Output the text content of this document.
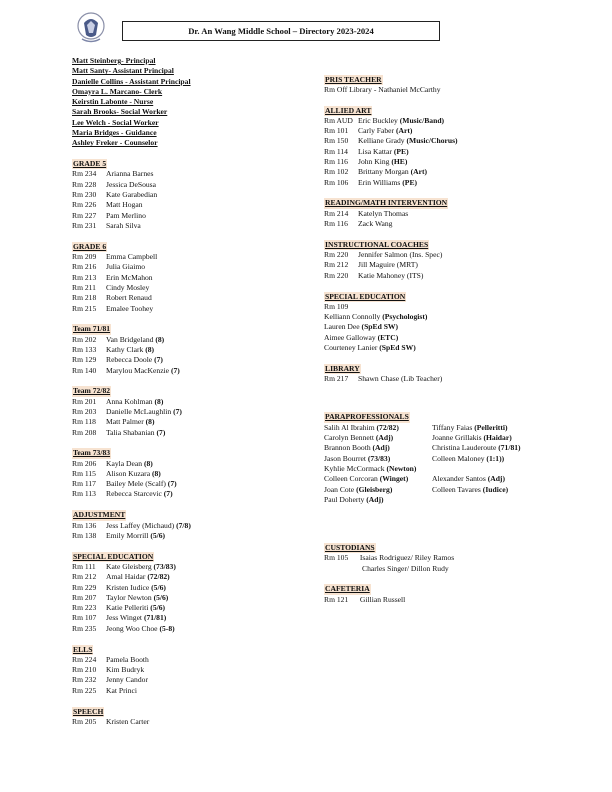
Dr. An Wang Middle School – Directory 2023-2024
Matt Steinberg- Principal
Matt Santy- Assistant Principal
Danielle Collins - Assistant Principal
Omayra L. Marcano- Clerk
Keirstin Labonte - Nurse
Sarah Brooks- Social Worker
Lee Welch - Social Worker
Maria Bridges - Guidance
Ashley Freker - Counselor
GRADE 5
Rm 234 Arianna Barnes
Rm 228 Jessica DeSousa
Rm 230 Kate Garabedian
Rm 226 Matt Hogan
Rm 227 Pam Merlino
Rm 231 Sarah Silva
GRADE 6
Rm 209 Emma Campbell
Rm 216 Julia Giaimo
Rm 213 Erin McMahon
Rm 211 Cindy Mosley
Rm 218 Robert Renaud
Rm 215 Emalee Toohey
Team 71/81
Rm 202 Van Bridgeland (8)
Rm 133 Kathy Clark (8)
Rm 129 Rebecca Doole (7)
Rm 140 Marylou MacKenzie (7)
Team 72/82
Rm 201 Anna Kohlman (8)
Rm 203 Danielle McLaughlin (7)
Rm 118 Matt Palmer (8)
Rm 208 Talia Shabanian (7)
Team 73/83
Rm 206 Kayla Dean (8)
Rm 115 Alison Kuzara (8)
Rm 117 Bailey Mele (Scalf) (7)
Rm 113 Rebecca Starcevic (7)
ADJUSTMENT
Rm 136 Jess Laffey (Michaud) (7/8)
Rm 138 Emily Morrill (5/6)
SPECIAL EDUCATION
Rm 111 Kate Gleisberg (73/83)
Rm 212 Amal Haidar (72/82)
Rm 229 Kristen Iudice (5/6)
Rm 207 Taylor Newton (5/6)
Rm 223 Katie Pelleriti (5/6)
Rm 107 Jess Winget (71/81)
Rm 235 Jeong Woo Choe (5-8)
ELLS
Rm 224 Pamela Booth
Rm 210 Kim Budryk
Rm 232 Jenny Candor
Rm 225 Kat Princi
SPEECH
Rm 205 Kristen Carter
PRIS TEACHER
Rm Off Library - Nathaniel McCarthy
ALLIED ART
Rm AUD Eric Buckley (Music/Band)
Rm 101 Carly Faber (Art)
Rm 150 Kelliane Grady (Music/Chorus)
Rm 114 Lisa Kattar (PE)
Rm 116 John King (HE)
Rm 102 Brittany Morgan (Art)
Rm 106 Erin Williams (PE)
READING/MATH INTERVENTION
Rm 214 Katelyn Thomas
Rm 116 Zack Wang
INSTRUCTIONAL COACHES
Rm 220 Jennifer Salmon (Ins. Spec)
Rm 212 Jill Maguire (MRT)
Rm 220 Katie Mahoney (ITS)
SPECIAL EDUCATION
Rm 109
Kelliann Connolly (Psychologist)
Lauren Dee (SpEd SW)
Aimee Galloway (ETC)
Courteney Lanier (SpEd SW)
LIBRARY
Rm 217 Shawn Chase (Lib Teacher)
PARAPROFESSIONALS
Salih Al Ibrahim (72/82)	Tiffany Faias (Pelleritti)
Carolyn Bennett (Adj)	Joanne Grillakis (Haidar)
Brannon Booth (Adj)	Christina Lauderoute (71/81)
Jason Bourret (73/83)	Colleen Maloney (1:1))
Kyhlie McCormack (Newton)

Colleen Corcoran (Winget)	Alexander Santos (Adj)
Joan Cote (Gleisberg)	Colleen Tavares (Iudice)
Paul Doherty (Adj)

CUSTODIANS
Rm 105 Isaias Rodriguez/ Riley Ramos
Charles Singer/ Dillon Rudy
CAFETERIA
Rm 121 Gillian Russell
